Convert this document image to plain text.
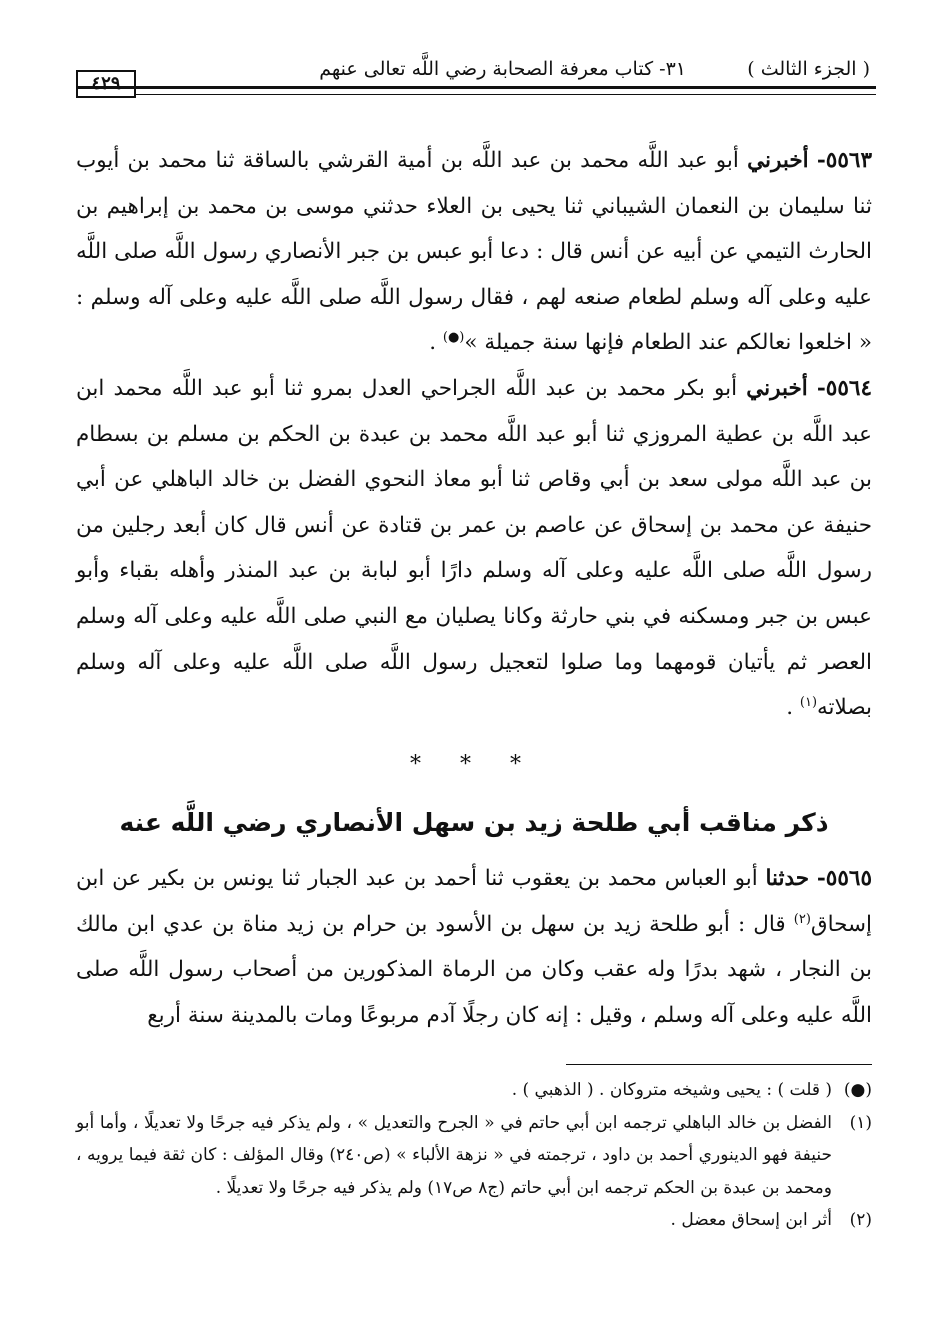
( الجزء الثالث )
٣١- كتاب معرفة الصحابة رضي اللَّه تعالى عنهم
٤٢٩

٥٥٦٣- أخبرني أبو عبد اللَّه محمد بن عبد اللَّه بن أمية القرشي بالساقة ثنا محمد بن أيوب ثنا سليمان بن النعمان الشيباني ثنا يحيى بن العلاء حدثني موسى بن محمد بن إبراهيم بن الحارث التيمي عن أبيه عن أنس قال : دعا أبو عبس بن جبر الأنصاري رسول اللَّه صلى اللَّه عليه وعلى آله وسلم لطعام صنعه لهم ، فقال رسول اللَّه صلى اللَّه عليه وعلى آله وسلم : « اخلعوا نعالكم عند الطعام فإنها سنة جميلة »(●) .

٥٥٦٤- أخبرني أبو بكر محمد بن عبد اللَّه الجراحي العدل بمرو ثنا أبو عبد اللَّه محمد ابن عبد اللَّه بن عطية المروزي ثنا أبو عبد اللَّه محمد بن عبدة بن الحكم بن مسلم بن بسطام بن عبد اللَّه مولى سعد بن أبي وقاص ثنا أبو معاذ النحوي الفضل بن خالد الباهلي عن أبي حنيفة عن محمد بن إسحاق عن عاصم بن عمر بن قتادة عن أنس قال كان أبعد رجلين من رسول اللَّه صلى اللَّه عليه وعلى آله وسلم دارًا أبو لبابة بن عبد المنذر وأهله بقباء وأبو عبس بن جبر ومسكنه في بني حارثة وكانا يصليان مع النبي صلى اللَّه عليه وعلى آله وسلم العصر ثم يأتيان قومهما وما صلوا لتعجيل رسول اللَّه صلى اللَّه عليه وعلى آله وسلم بصلاته$^{(١)}$ .

* * *
ذكر مناقب أبي طلحة زيد بن سهل الأنصاري رضي اللَّه عنه

٥٥٦٥- حدثنا أبو العباس محمد بن يعقوب ثنا أحمد بن عبد الجبار ثنا يونس بن بكير عن ابن إسحاق$^{(٢)}$ قال : أبو طلحة زيد بن سهل بن الأسود بن حرام بن زيد مناة بن عدي ابن مالك بن النجار ، شهد بدرًا وله عقب وكان من الرماة المذكورين من أصحاب رسول اللَّه صلى اللَّه عليه وعلى آله وسلم ، وقيل : إنه كان رجلًا آدم مربوعًا ومات بالمدينة سنة أربع

(●)
( قلت ) : يحيى وشيخه متروكان . ( الذهبي ) .
(١)
الفضل بن خالد الباهلي ترجمه ابن أبي حاتم في « الجرح والتعديل » ، ولم يذكر فيه جرحًا ولا تعديلًا ، وأما أبو حنيفة فهو الدينوري أحمد بن داود ، ترجمته في « نزهة الألباء » (ص٢٤٠) وقال المؤلف : كان ثقة فيما يرويه ، ومحمد بن عبدة بن الحكم ترجمه ابن أبي حاتم (ج٨ ص١٧) ولم يذكر فيه جرحًا ولا تعديلًا .
(٢)
أثر ابن إسحاق معضل .
